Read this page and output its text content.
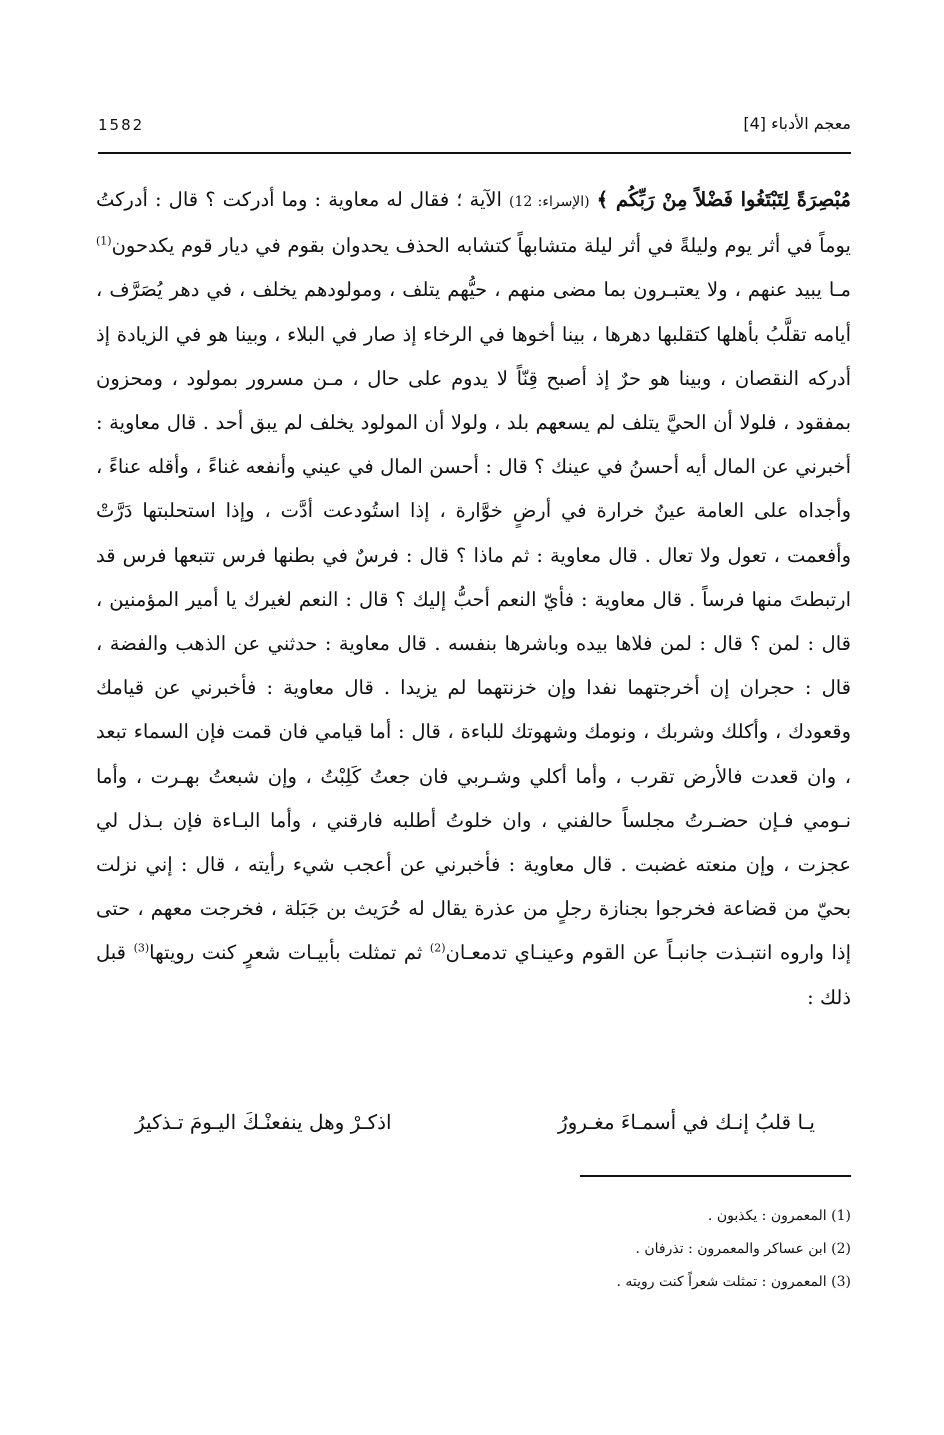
1582	معجم الأدباء [4]

مُبْصِرَةً لِتَبْتَغُوا فَضْلاً مِنْ رَبِّكُم ﴾ (الإسراء: 12) الآية ؛ فقال له معاوية : وما أدركت ؟ قال : أدركتُ يوماً في أثر يوم وليلةً في أثر ليلة متشابهاً كتشابه الحذف يحدوان بقوم في ديار قوم يكدحون$^{(1)}$ مـا يبيد عنهم ، ولا يعتبـرون بما مضى منهم ، حيُّهم يتلف ، ومولودهم يخلف ، في دهر يُصَرَّف ، أيامه تقلَّبُ بأهلها كتقلبها دهرها ، بينا أخوها في الرخاء إذ صار في البلاء ، وبينا هو في الزيادة إذ أدركه النقصان ، وبينا هو حرٌ إذ أصبح قِنّاً لا يدوم على حال ، مـن مسرور بمولود ، ومحزون بمفقود ، فلولا أن الحيَّ يتلف لم يسعهم بلد ، ولولا أن المولود يخلف لم يبق أحد . قال معاوية : أخبرني عن المال أيه أحسنُ في عينك ؟ قال : أحسن المال في عيني وأنفعه غناءً ، وأقله عناءً ، وأجداه على العامة عينٌ خرارة في أرضٍ خوَّارة ، إذا استُودعت أدَّت ، وإذا استحلبتها دَرَّتْ وأفعمت ، تعول ولا تعال . قال معاوية : ثم ماذا ؟ قال : فرسٌ في بطنها فرس تتبعها فرس قد ارتبطتَ منها فرساً . قال معاوية : فأيّ النعم أحبُّ إليك ؟ قال : النعم لغيرك يا أمير المؤمنين ، قال : لمن ؟ قال : لمن فلاها بيده وباشرها بنفسه . قال معاوية : حدثني عن الذهب والفضة ، قال : حجران إن أخرجتهما نفدا وإن خزنتهما لم يزيدا . قال معاوية : فأخبرني عن قيامك وقعودك ، وأكلك وشربك ، ونومك وشهوتك للباءة ، قال : أما قيامي فان قمت فإن السماء تبعد ، وان قعدت فالأرض تقرب ، وأما أكلي وشـربي فان جعتُ كَلِبْتُ ، وإن شبعتُ بهـرت ، وأما نـومي فـإن حضـرتُ مجلساً حالفني ، وان خلوتُ أطلبه فارقني ، وأما البـاءة فإن بـذل لي عجزت ، وإن منعته غضبت . قال معاوية : فأخبرني عن أعجب شيء رأيته ، قال : إني نزلت بحيّ من قضاعة فخرجوا بجنازة رجلٍ من عذرة يقال له حُرَيث بن جَبَلة ، فخرجت معهم ، حتى إذا واروه انتبـذت جانبـاً عن القوم وعينـاي تدمعـان$^{(2)}$ ثم تمثلت بأبيـات شعرٍ كنت رويتها$^{(3)}$ قبل ذلك :

يـا قلبُ إنـك في أسمـاءَ مغـرورُ
اذكـرْ وهل ينفعنْـكَ اليـومَ تـذكيرُ
(1) المعمرون : يكذبون .
(2) ابن عساكر والمعمرون : تذرفان .
(3) المعمرون : تمثلت شعراً كنت رويته .
